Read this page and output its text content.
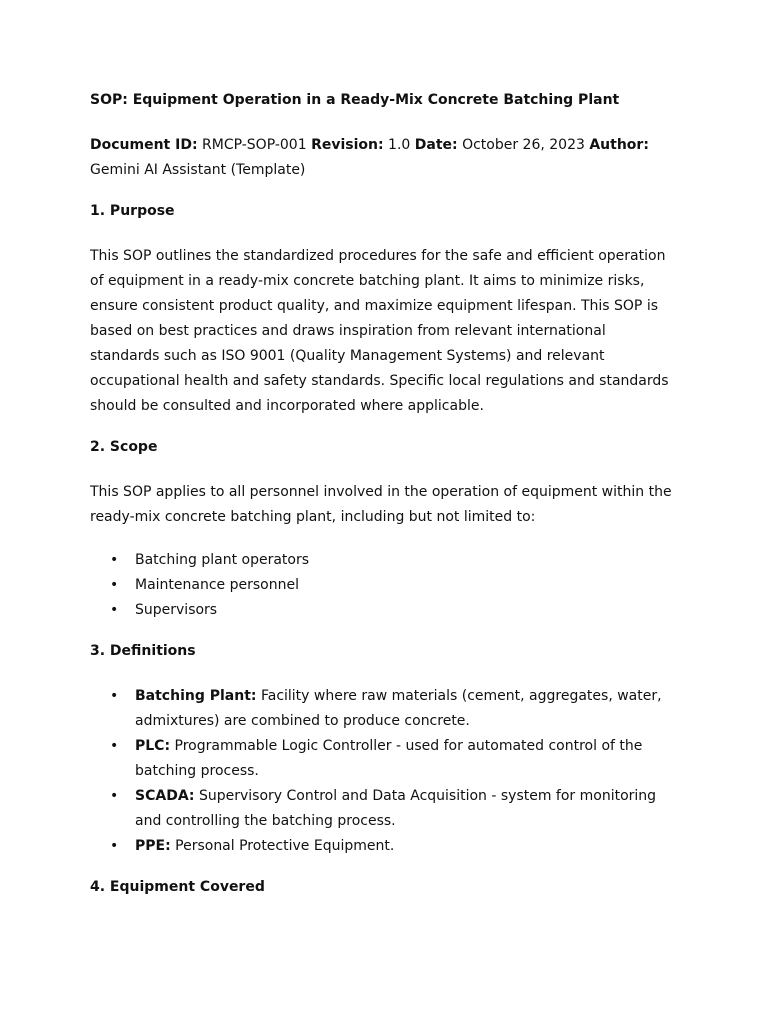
SOP: Equipment Operation in a Ready-Mix Concrete Batching Plant

Document ID: RMCP-SOP-001 Revision: 1.0 Date: October 26, 2023 Author: Gemini AI Assistant (Template)

1. Purpose

This SOP outlines the standardized procedures for the safe and efficient operation of equipment in a ready-mix concrete batching plant. It aims to minimize risks, ensure consistent product quality, and maximize equipment lifespan. This SOP is based on best practices and draws inspiration from relevant international standards such as ISO 9001 (Quality Management Systems) and relevant occupational health and safety standards. Specific local regulations and standards should be consulted and incorporated where applicable.

2. Scope

This SOP applies to all personnel involved in the operation of equipment within the ready-mix concrete batching plant, including but not limited to:

• Batching plant operators
• Maintenance personnel
• Supervisors
3. Definitions
• Batching Plant: Facility where raw materials (cement, aggregates, water, admixtures) are combined to produce concrete.
• PLC: Programmable Logic Controller - used for automated control of the batching process.
• SCADA: Supervisory Control and Data Acquisition - system for monitoring and controlling the batching process.
• PPE: Personal Protective Equipment.
4. Equipment Covered
